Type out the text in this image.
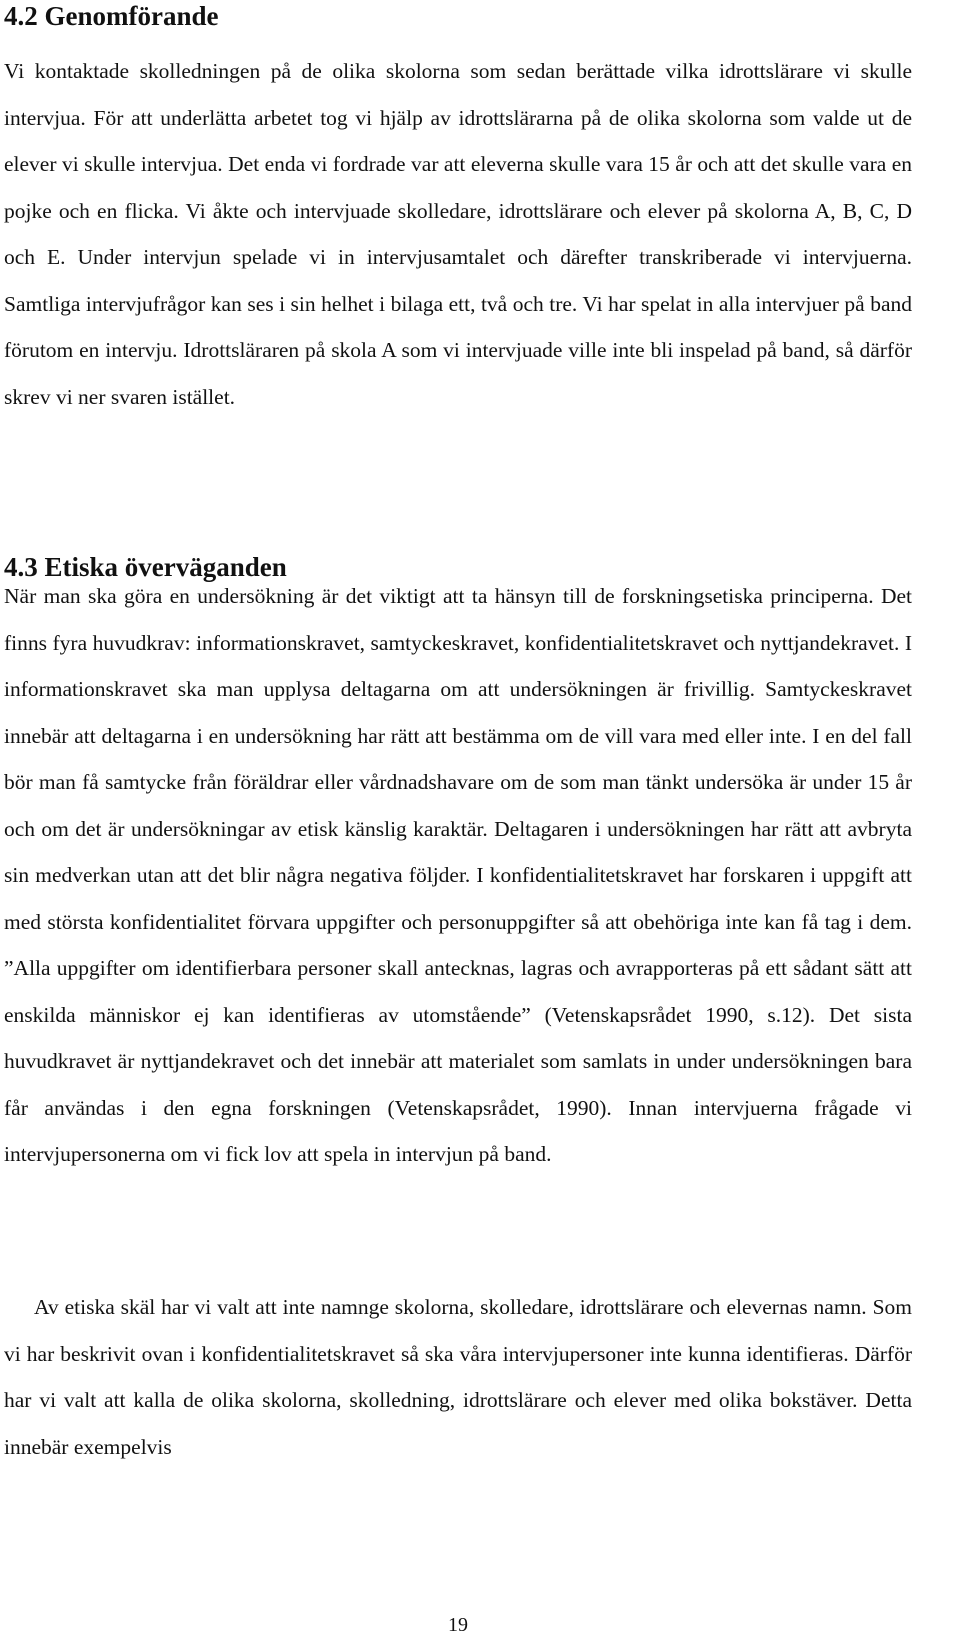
4.2 Genomförande

Vi kontaktade skolledningen på de olika skolorna som sedan berättade vilka idrottslärare vi skulle intervjua. För att underlätta arbetet tog vi hjälp av idrottslärarna på de olika skolorna som valde ut de elever vi skulle intervjua. Det enda vi fordrade var att eleverna skulle vara 15 år och att det skulle vara en pojke och en flicka. Vi åkte och intervjuade skolledare, idrottslärare och elever på skolorna A, B, C, D och E. Under intervjun spelade vi in intervjusamtalet och därefter transkriberade vi intervjuerna. Samtliga intervjufrågor kan ses i sin helhet i bilaga ett, två och tre. Vi har spelat in alla intervjuer på band förutom en intervju. Idrottsläraren på skola A som vi intervjuade ville inte bli inspelad på band, så därför skrev vi ner svaren istället.

4.3 Etiska överväganden

När man ska göra en undersökning är det viktigt att ta hänsyn till de forskningsetiska principerna. Det finns fyra huvudkrav: informationskravet, samtyckeskravet, konfidentialitetskravet och nyttjandekravet. I informationskravet ska man upplysa deltagarna om att undersökningen är frivillig. Samtyckeskravet innebär att deltagarna i en undersökning har rätt att bestämma om de vill vara med eller inte. I en del fall bör man få samtycke från föräldrar eller vårdnadshavare om de som man tänkt undersöka är under 15 år och om det är undersökningar av etisk känslig karaktär. Deltagaren i undersökningen har rätt att avbryta sin medverkan utan att det blir några negativa följder. I konfidentialitetskravet har forskaren i uppgift att med största konfidentialitet förvara uppgifter och personuppgifter så att obehöriga inte kan få tag i dem. ”Alla uppgifter om identifierbara personer skall antecknas, lagras och avrapporteras på ett sådant sätt att enskilda människor ej kan identifieras av utomstående” (Vetenskapsrådet 1990, s.12). Det sista huvudkravet är nyttjandekravet och det innebär att materialet som samlats in under undersökningen bara får användas i den egna forskningen (Vetenskapsrådet, 1990). Innan intervjuerna frågade vi intervjupersonerna om vi fick lov att spela in intervjun på band.

Av etiska skäl har vi valt att inte namnge skolorna, skolledare, idrottslärare och elevernas namn. Som vi har beskrivit ovan i konfidentialitetskravet så ska våra intervjupersoner inte kunna identifieras. Därför har vi valt att kalla de olika skolorna, skolledning, idrottslärare och elever med olika bokstäver. Detta innebär exempelvis

19
